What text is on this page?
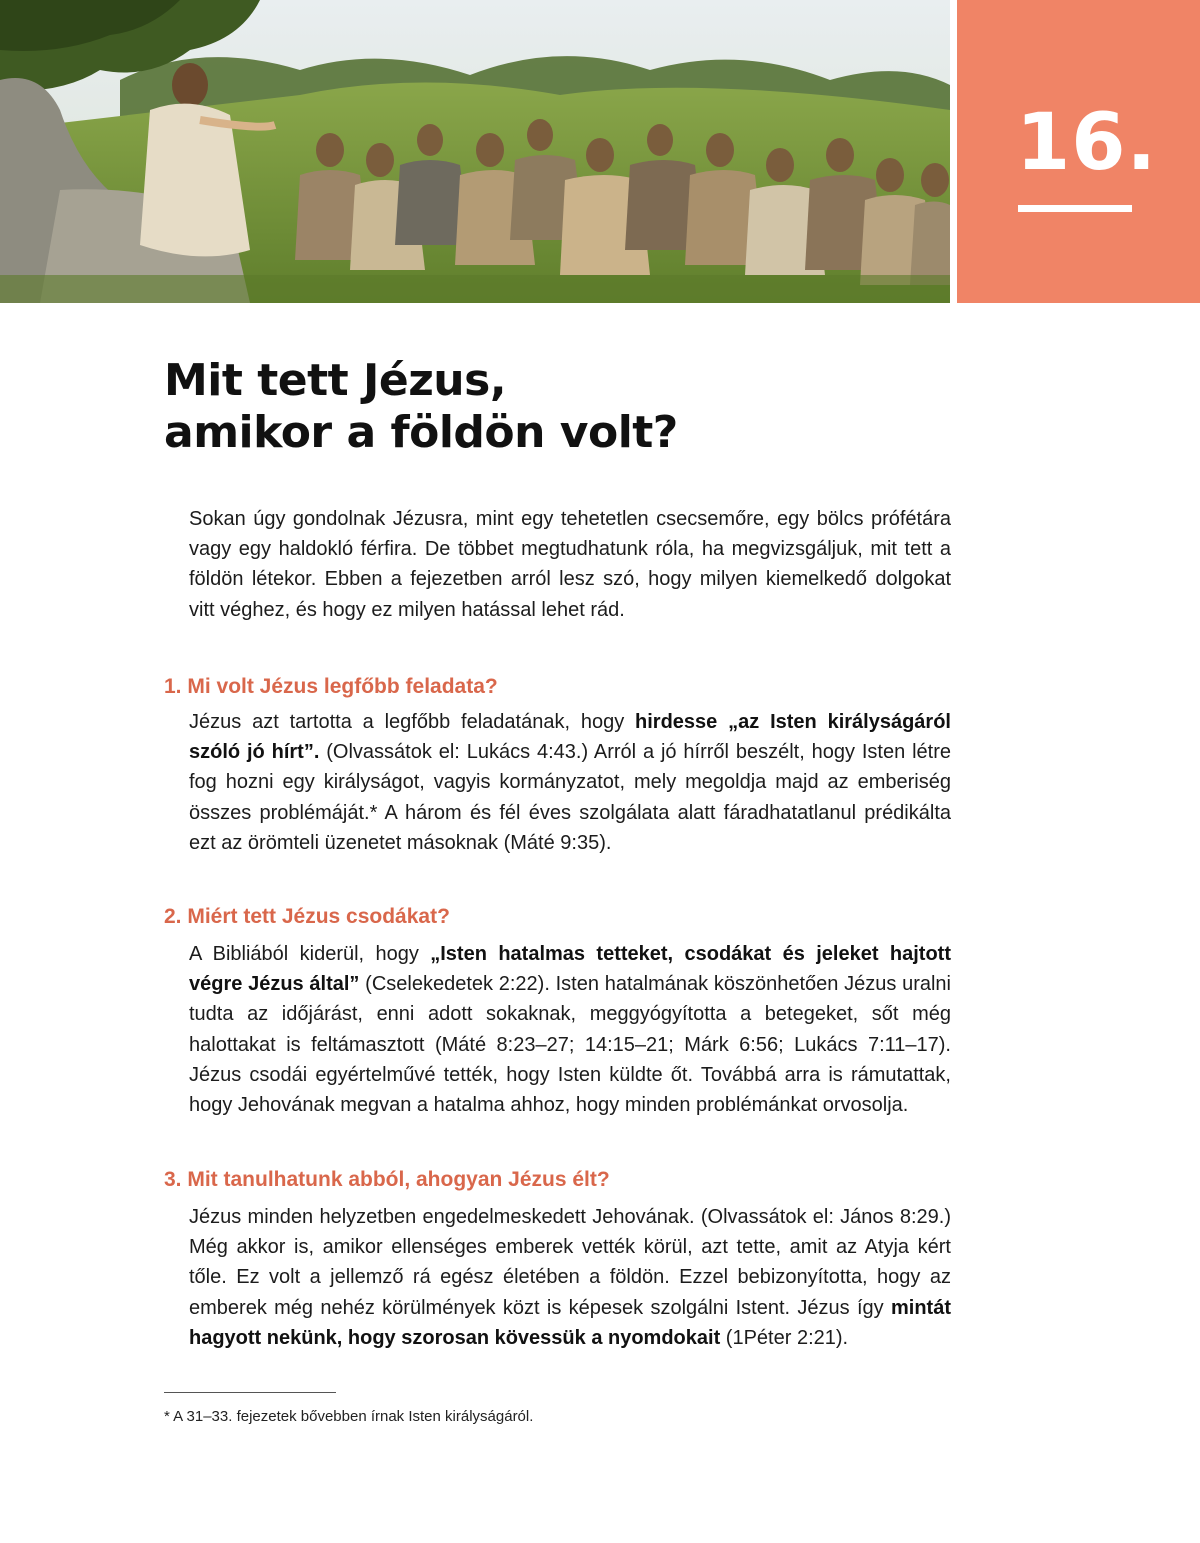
16.
Mit tett Jézus,
amikor a földön volt?

Sokan úgy gondolnak Jézusra, mint egy tehetetlen csecsemőre, egy bölcs prófétára vagy egy haldokló férfira. De többet megtudhatunk róla, ha megvizsgáljuk, mit tett a földön létekor. Ebben a fejezetben arról lesz szó, hogy milyen kiemelkedő dolgokat vitt véghez, és hogy ez milyen hatással lehet rád.

1. Mi volt Jézus legfőbb feladata?

Jézus azt tartotta a legfőbb feladatának, hogy hirdesse „az Isten királyságáról szóló jó hírt”. (Olvassátok el: Lukács 4:43.) Arról a jó hírről beszélt, hogy Isten létre fog hozni egy királyságot, vagyis kormányzatot, mely megoldja majd az emberiség összes problémáját.* A három és fél éves szolgálata alatt fáradhatatlanul prédikálta ezt az örömteli üzenetet másoknak (Máté 9:35).

2. Miért tett Jézus csodákat?

A Bibliából kiderül, hogy „Isten hatalmas tetteket, csodákat és jeleket hajtott végre Jézus által” (Cselekedetek 2:22). Isten hatalmának köszönhetően Jézus uralni tudta az időjárást, enni adott sokaknak, meggyógyította a betegeket, sőt még halottakat is feltámasztott (Máté 8:23–27; 14:15–21; Márk 6:56; Lukács 7:11–17). Jézus csodái egyértelművé tették, hogy Isten küldte őt. Továbbá arra is rámutattak, hogy Jehovának megvan a hatalma ahhoz, hogy minden problémánkat orvosolja.

3. Mit tanulhatunk abból, ahogyan Jézus élt?

Jézus minden helyzetben engedelmeskedett Jehovának. (Olvassátok el: János 8:29.) Még akkor is, amikor ellenséges emberek vették körül, azt tette, amit az Atyja kért tőle. Ez volt a jellemző rá egész életében a földön. Ezzel bebizonyította, hogy az emberek még nehéz körülmények közt is képesek szolgálni Istent. Jézus így mintát hagyott nekünk, hogy szorosan kövessük a nyomdokait (1Péter 2:21).

* A 31–33. fejezetek bővebben írnak Isten királyságáról.
